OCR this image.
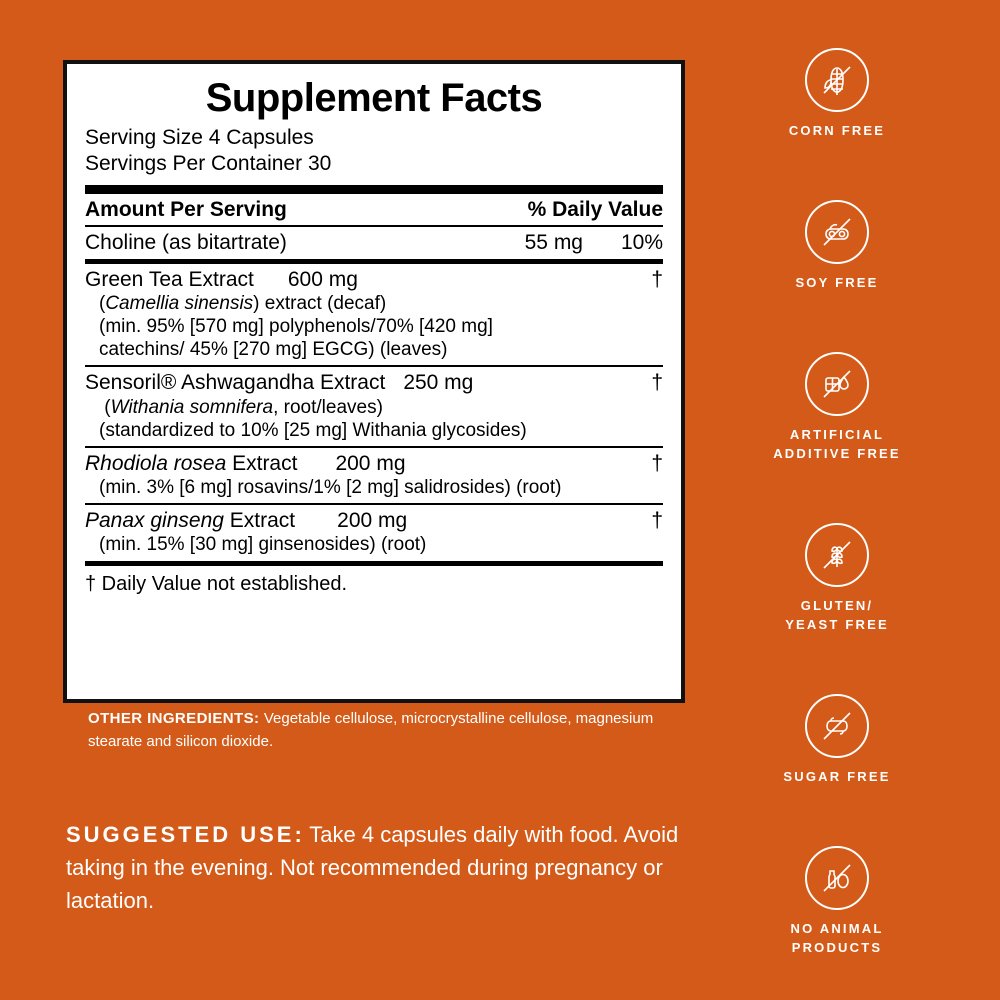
Supplement Facts
Serving Size 4 Capsules
Servings Per Container 30
Amount Per Serving	% Daily Value
Choline (as bitartrate)	55 mg	10%
Green Tea Extract	600 mg	†
(Camellia sinensis) extract (decaf)
(min. 95% [570 mg] polyphenols/70% [420 mg]
catechins/ 45% [270 mg] EGCG) (leaves)
Sensoril® Ashwagandha Extract 250 mg	†
(Withania somnifera, root/leaves)
(standardized to 10% [25 mg] Withania glycosides)
Rhodiola rosea Extract	200 mg	†
(min. 3% [6 mg] rosavins/1% [2 mg] salidrosides) (root)
Panax ginseng Extract	200 mg	†
(min. 15% [30 mg] ginsenosides) (root)
† Daily Value not established.
OTHER INGREDIENTS: Vegetable cellulose, microcrystalline cellulose, magnesium stearate and silicon dioxide.
SUGGESTED USE: Take 4 capsules daily with food. Avoid taking in the evening. Not recommended during pregnancy or lactation.
CORN FREE
SOY FREE
ARTIFICIAL
ADDITIVE FREE
GLUTEN/
YEAST FREE
SUGAR FREE
NO ANIMAL
PRODUCTS
